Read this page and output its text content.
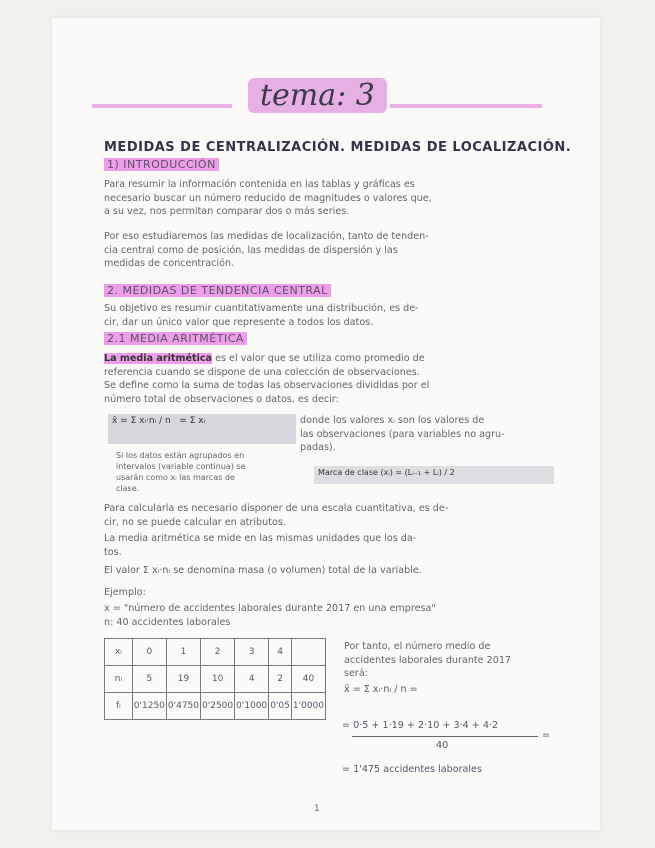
tema: 3
MEDIDAS DE CENTRALIZACIÓN. MEDIDAS DE LOCALIZACIÓN.
1) INTRODUCCIÓN

Para resumir la información contenida en las tablas y gráficas es

necesario buscar un número reducido de magnitudes o valores que,

a su vez, nos permitan comparar dos o más series.

Por eso estudiaremos las medidas de localización, tanto de tenden-

cia central como de posición, las medidas de dispersión y las

medidas de concentración.

2. MEDIDAS DE TENDENCIA CENTRAL

Su objetivo es resumir cuantitativamente una distribución, es de-

cir, dar un único valor que represente a todos los datos.

2.1 MEDIA ARITMÉTICA

La media aritmética es el valor que se utiliza como promedio de

referencia cuando se dispone de una colección de observaciones.

Se define como la suma de todas las observaciones divididas por el

número total de observaciones o datos, es decir:

x̄ = Σ xᵢ·nᵢ / n = Σ xᵢ	donde los valores xᵢ son los valores de

las observaciones (para variables no agru-

padas).

Si los datos están agrupados en

intervalos (variable continua) se

usarán como xᵢ las marcas de

clase.

Marca de clase (xᵢ) = (Lᵢ₋₁ + Lᵢ) / 2

Para calcularla es necesario disponer de una escala cuantitativa, es de-

cir, no se puede calcular en atributos.

La media aritmética se mide en las mismas unidades que los da-

tos.

El valor Σ xᵢ·nᵢ se denomina masa (o volumen) total de la variable.
Ejemplo:
x = "número de accidentes laborales durante 2017 en una empresa"
n: 40 accidentes laborales
xᵢ	0	1	2	3	4	
nᵢ	5	19	10	4	2	40
fᵢ	0'1250	0'4750	0'2500	0'1000	0'05	1'0000

Por tanto, el número medio de

accidentes laborales durante 2017

será:

x̄ = Σ xᵢ·nᵢ / n =
= 0·5 + 1·19 + 2·10 + 3·4 + 4·2
40
=
= 1'475 accidentes laborales
1
